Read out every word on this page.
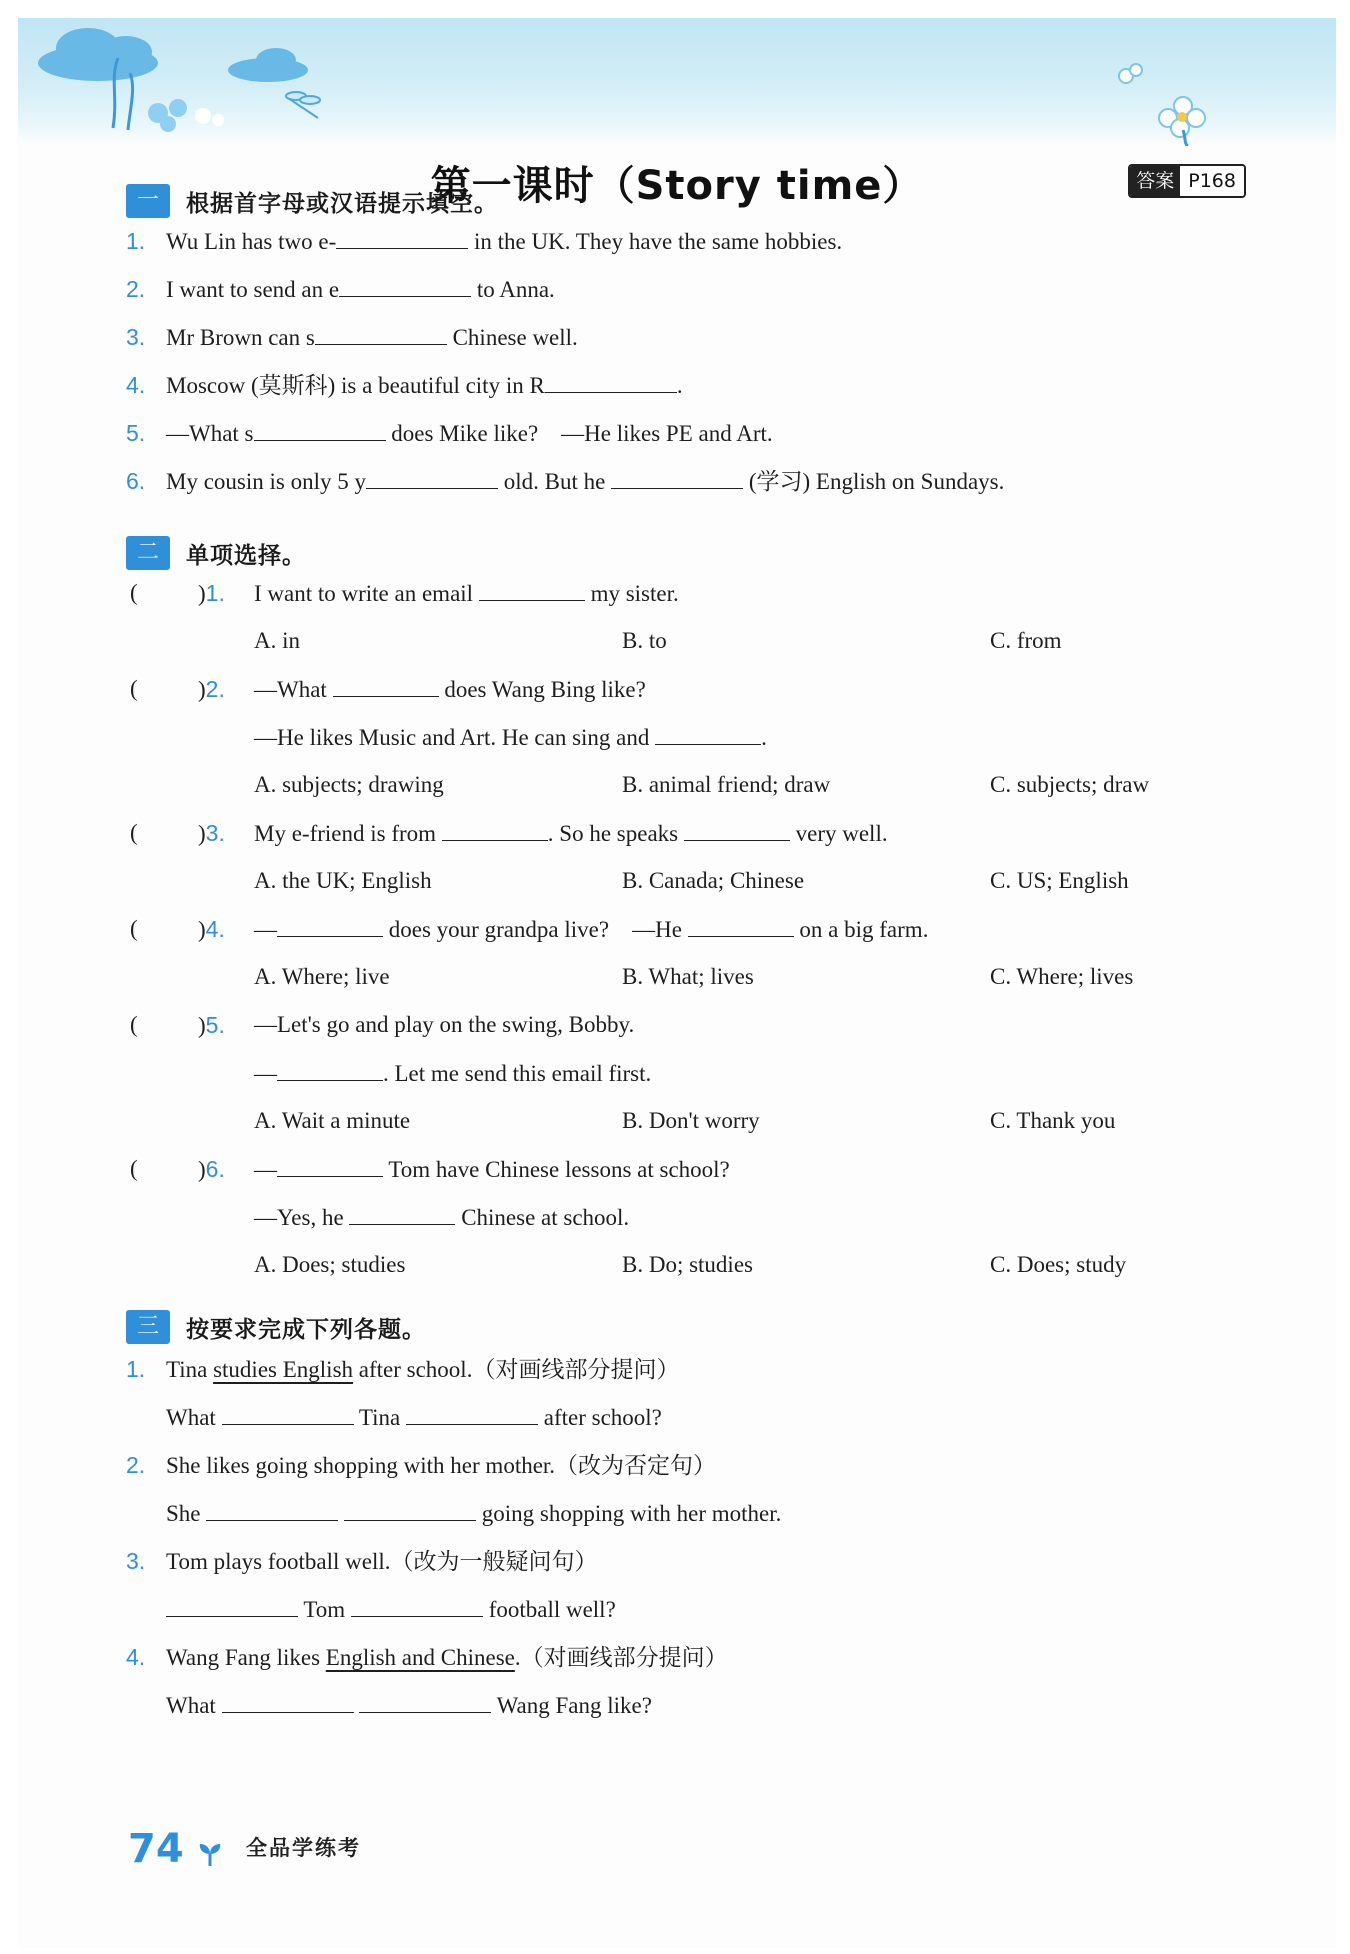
第一课时（Story time）	答案 P168
一	根据首字母或汉语提示填空。
1. Wu Lin has two e-	in the UK. They have the same hobbies.
2. I want to send an e	to Anna.
3. Mr Brown can s	Chinese well.
4. Moscow (莫斯科) is a beautiful city in R	.
5. —What s	does Mike like? —He likes PE and Art.
6. My cousin is only 5 y	old. But he	(学习) English on Sundays.
二	单项选择。
(	)1. I want to write an email	my sister.
A. in	B. to	C. from
(	)2. —What	does Wang Bing like?
—He likes Music and Art. He can sing and	.
A. subjects; drawing	B. animal friend; draw	C. subjects; draw
(	)3. My e-friend is from	. So he speaks	very well.
A. the UK; English	B. Canada; Chinese	C. US; English
(	)4. —	does your grandpa live? —He	on a big farm.
A. Where; live	B. What; lives	C. Where; lives
(	)5. —Let's go and play on the swing, Bobby.
—	. Let me send this email first.
A. Wait a minute	B. Don't worry	C. Thank you
(	)6. —	Tom have Chinese lessons at school?
—Yes, he	Chinese at school.
A. Does; studies	B. Do; studies	C. Does; study
三	按要求完成下列各题。
1. Tina studies English after school.（对画线部分提问）
What	Tina	after school?
2. She likes going shopping with her mother.（改为否定句）
She	going shopping with her mother.
3. Tom plays football well.（改为一般疑问句）
Tom	football well?
4. Wang Fang likes English and Chinese.（对画线部分提问）
What	Wang Fang like?
74	全品学练考
